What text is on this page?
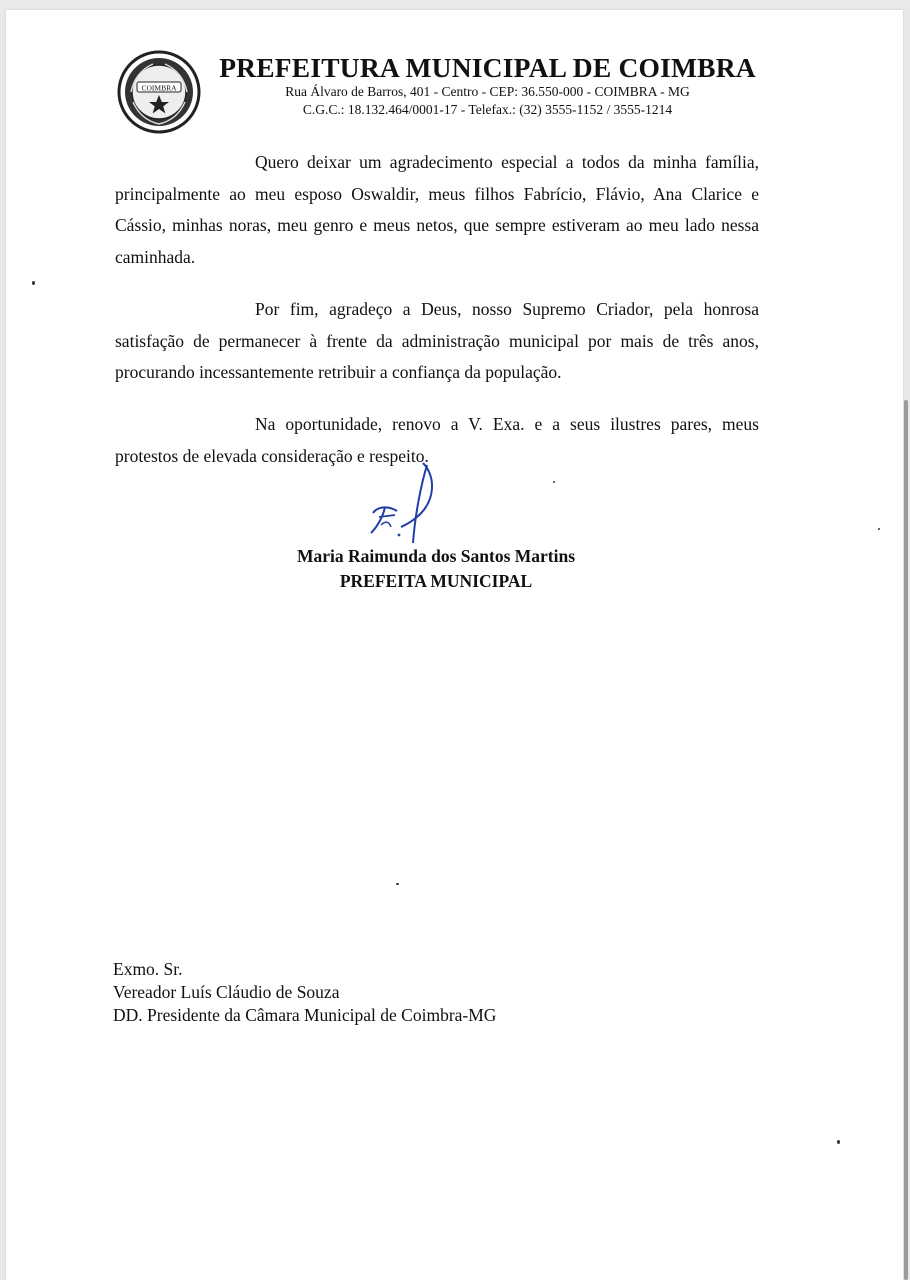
COIMBRA
PREFEITURA MUNICIPAL DE COIMBRA
Rua Álvaro de Barros, 401 - Centro - CEP: 36.550-000 - COIMBRA - MG
C.G.C.: 18.132.464/0001-17 - Telefax.: (32) 3555-1152 / 3555-1214
Quero deixar um agradecimento especial a todos da minha família, principalmente ao meu esposo Oswaldir, meus filhos Fabrício, Flávio, Ana Clarice e Cássio, minhas noras, meu genro e meus netos, que sempre estiveram ao meu lado nessa caminhada.
Por fim, agradeço a Deus, nosso Supremo Criador, pela honrosa satisfação de permanecer à frente da administração municipal por mais de três anos, procurando incessantemente retribuir a confiança da população.
Na oportunidade, renovo a V. Exa. e a seus ilustres pares, meus protestos de elevada consideração e respeito.
Maria Raimunda dos Santos Martins
PREFEITA MUNICIPAL
Exmo. Sr.
Vereador Luís Cláudio de Souza
DD. Presidente da Câmara Municipal de Coimbra-MG
